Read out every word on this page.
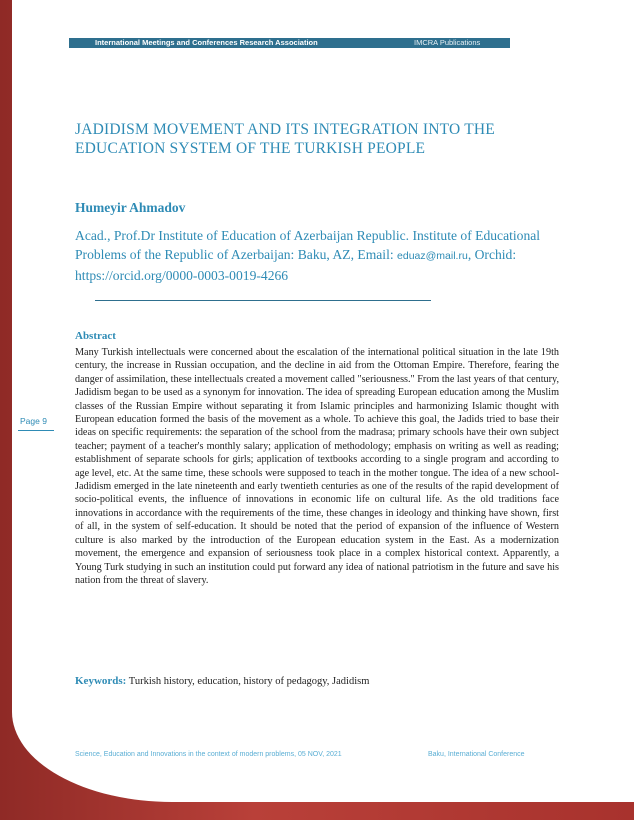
International Meetings and Conferences Research Association	IMCRA Publications
JADIDISM MOVEMENT AND ITS INTEGRATION INTO THE
EDUCATION SYSTEM OF THE TURKISH PEOPLE

Humeyir Ahmadov

Acad., Prof.Dr Institute of Education of Azerbaijan Republic. Institute of Educational Problems of the Republic of Azerbaijan: Baku, AZ, Email: eduaz@mail.ru, Orchid: https://orcid.org/0000-0003-0019-4266

Page 9

Abstract

Many Turkish intellectuals were concerned about the escalation of the international political situation in the late 19th century, the increase in Russian occupation, and the decline in aid from the Ottoman Empire. Therefore, fearing the danger of assimilation, these intellectuals created a movement called "seriousness." From the last years of that century, Jadidism began to be used as a synonym for innovation. The idea of spreading European education among the Muslim classes of the Russian Empire without separating it from Islamic principles and harmonizing Islamic thought with European education formed the basis of the movement as a whole. To achieve this goal, the Jadids tried to base their ideas on specific requirements: the separation of the school from the madrasa; primary schools have their own subject teacher; payment of a teacher's monthly salary; application of methodology; emphasis on writing as well as reading; establishment of separate schools for girls; application of textbooks according to a single program and according to age level, etc. At the same time, these schools were supposed to teach in the mother tongue. The idea of a new school-Jadidism emerged in the late nineteenth and early twentieth centuries as one of the results of the rapid development of socio-political events, the influence of innovations in economic life on cultural life. As the old traditions face innovations in accordance with the requirements of the time, these changes in ideology and thinking have shown, first of all, in the system of self-education. It should be noted that the period of expansion of the influence of Western culture is also marked by the introduction of the European education system in the East. As a modernization movement, the emergence and expansion of seriousness took place in a complex historical context. Apparently, a Young Turk studying in such an institution could put forward any idea of national patriotism in the future and save his nation from the threat of slavery.

Keywords: Turkish history, education, history of pedagogy, Jadidism

Science, Education and Innovations in the context of modern problems, 05 NOV, 2021	Baku, International Conference
